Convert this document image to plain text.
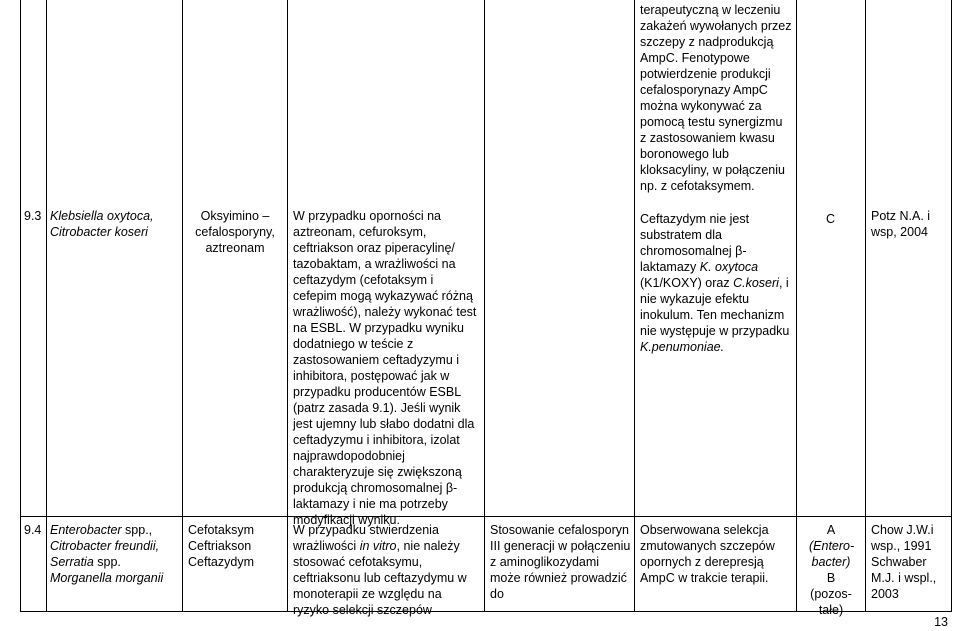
9.3 Klebsiella oxytoca, Citrobacter koseri
Oksyimino –
cefalosporyny,
aztreonam
W przypadku oporności na aztreonam, cefuroksym, ceftriakson oraz piperacylinę/ tazobaktam, a wrażliwości na ceftazydym (cefotaksym i cefepim mogą wykazywać różną wrażliwość), należy wykonać test na ESBL. W przypadku wyniku dodatniego w teście z zastosowaniem ceftadyzymu i inhibitora, postępować jak w przypadku producentów ESBL (patrz zasada 9.1). Jeśli wynik jest ujemny lub słabo dodatni dla ceftadyzymu i inhibitora, izolat najprawdopodobniej charakteryzuje się zwiększoną produkcją chromosomalnej β-laktamazy i nie ma potrzeby modyfikacji wyniku.
terapeutyczną w leczeniu zakażeń wywołanych przez szczepy z nadprodukcją AmpC. Fenotypowe potwierdzenie produkcji cefalosporynazy AmpC można wykonywać za pomocą testu synergizmu z zastosowaniem kwasu boronowego lub kloksacyliny, w połączeniu np. z cefotaksymem.
Ceftazydym nie jest substratem dla chromosomalnej β-laktamazy K. oxytoca (K1/KOXY) oraz C.koseri, i nie wykazuje efektu inokulum. Ten mechanizm nie występuje w przypadku K.penumoniae.
C	Potz N.A. i wsp, 2004
9.4 Enterobacter spp., Citrobacter freundii, Serratia spp. Morganella morganii
Cefotaksym
Ceftriakson
Ceftazydym
W przypadku stwierdzenia wrażliwości in vitro, nie należy stosować cefotaksymu, ceftriaksonu lub ceftazydymu w monoterapii ze względu na ryzyko selekcji szczepów
Stosowanie cefalosporyn III generacji w połączeniu z aminoglikozydami może również prowadzić do
Obserwowana selekcja zmutowanych szczepów opornych z derepresją AmpC w trakcie terapii.
A
(Entero-bacter)
B
(pozos-tałe)
Chow J.W.i wsp., 1991 Schwaber M.J. i wspl., 2003
13
